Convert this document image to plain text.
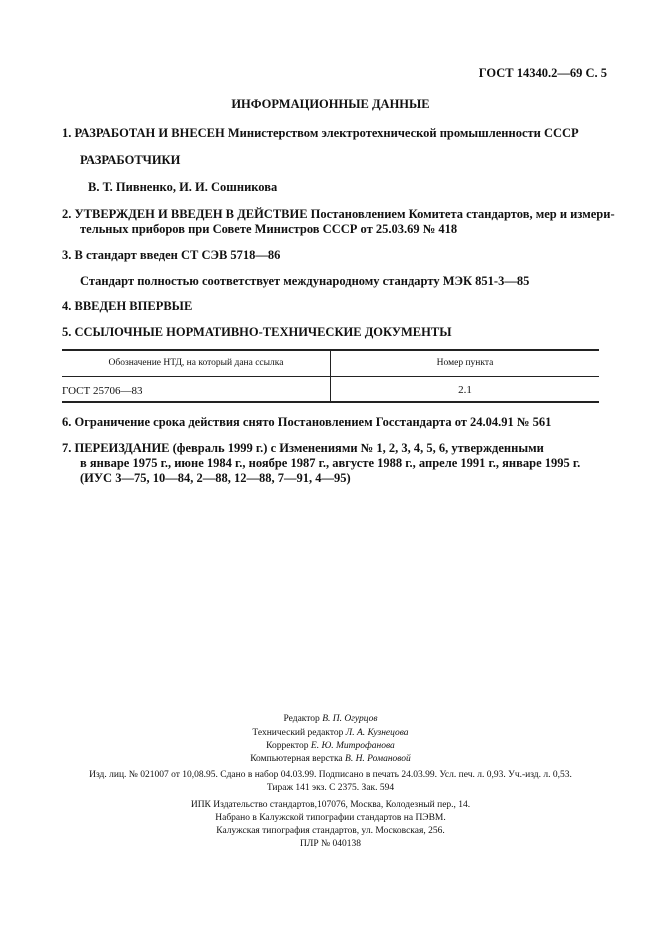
ГОСТ 14340.2—69 С. 5
ИНФОРМАЦИОННЫЕ ДАННЫЕ
1. РАЗРАБОТАН И ВНЕСЕН Министерством электротехнической промышленности СССР
РАЗРАБОТЧИКИ
В. Т. Пивненко, И. И. Сошникова
2. УТВЕРЖДЕН И ВВЕДЕН В ДЕЙСТВИЕ Постановлением Комитета стандартов, мер и измери-
тельных приборов при Совете Министров СССР от 25.03.69 № 418
3. В стандарт введен СТ СЭВ 5718—86
Стандарт полностью соответствует международному стандарту МЭК 851-3—85
4. ВВЕДЕН ВПЕРВЫЕ
5. ССЫЛОЧНЫЕ НОРМАТИВНО-ТЕХНИЧЕСКИЕ ДОКУМЕНТЫ
Обозначение НТД, на который дана ссылка	Номер пункта
ГОСТ 25706—83	2.1
6. Ограничение срока действия снято Постановлением Госстандарта от 24.04.91 № 561
7. ПЕРЕИЗДАНИЕ (февраль 1999 г.) с Изменениями № 1, 2, 3, 4, 5, 6, утвержденными
в январе 1975 г., июне 1984 г., ноябре 1987 г., августе 1988 г., апреле 1991 г., январе 1995 г.
(ИУС 3—75, 10—84, 2—88, 12—88, 7—91, 4—95)
Редактор В. П. Огурцов
Технический редактор Л. А. Кузнецова
Корректор Е. Ю. Митрофанова
Компьютерная верстка В. Н. Романовой
Изд. лиц. № 021007 от 10,08.95. Сдано в набор 04.03.99. Подписано в печать 24.03.99. Усл. печ. л. 0,93. Уч.-изд. л. 0,53.
Тираж 141 экз. С 2375. Зак. 594
ИПК Издательство стандартов,107076, Москва, Колодезный пер., 14.
Набрано в Калужской типографии стандартов на ПЭВМ.
Калужская типография стандартов, ул. Московская, 256.
ПЛР № 040138
